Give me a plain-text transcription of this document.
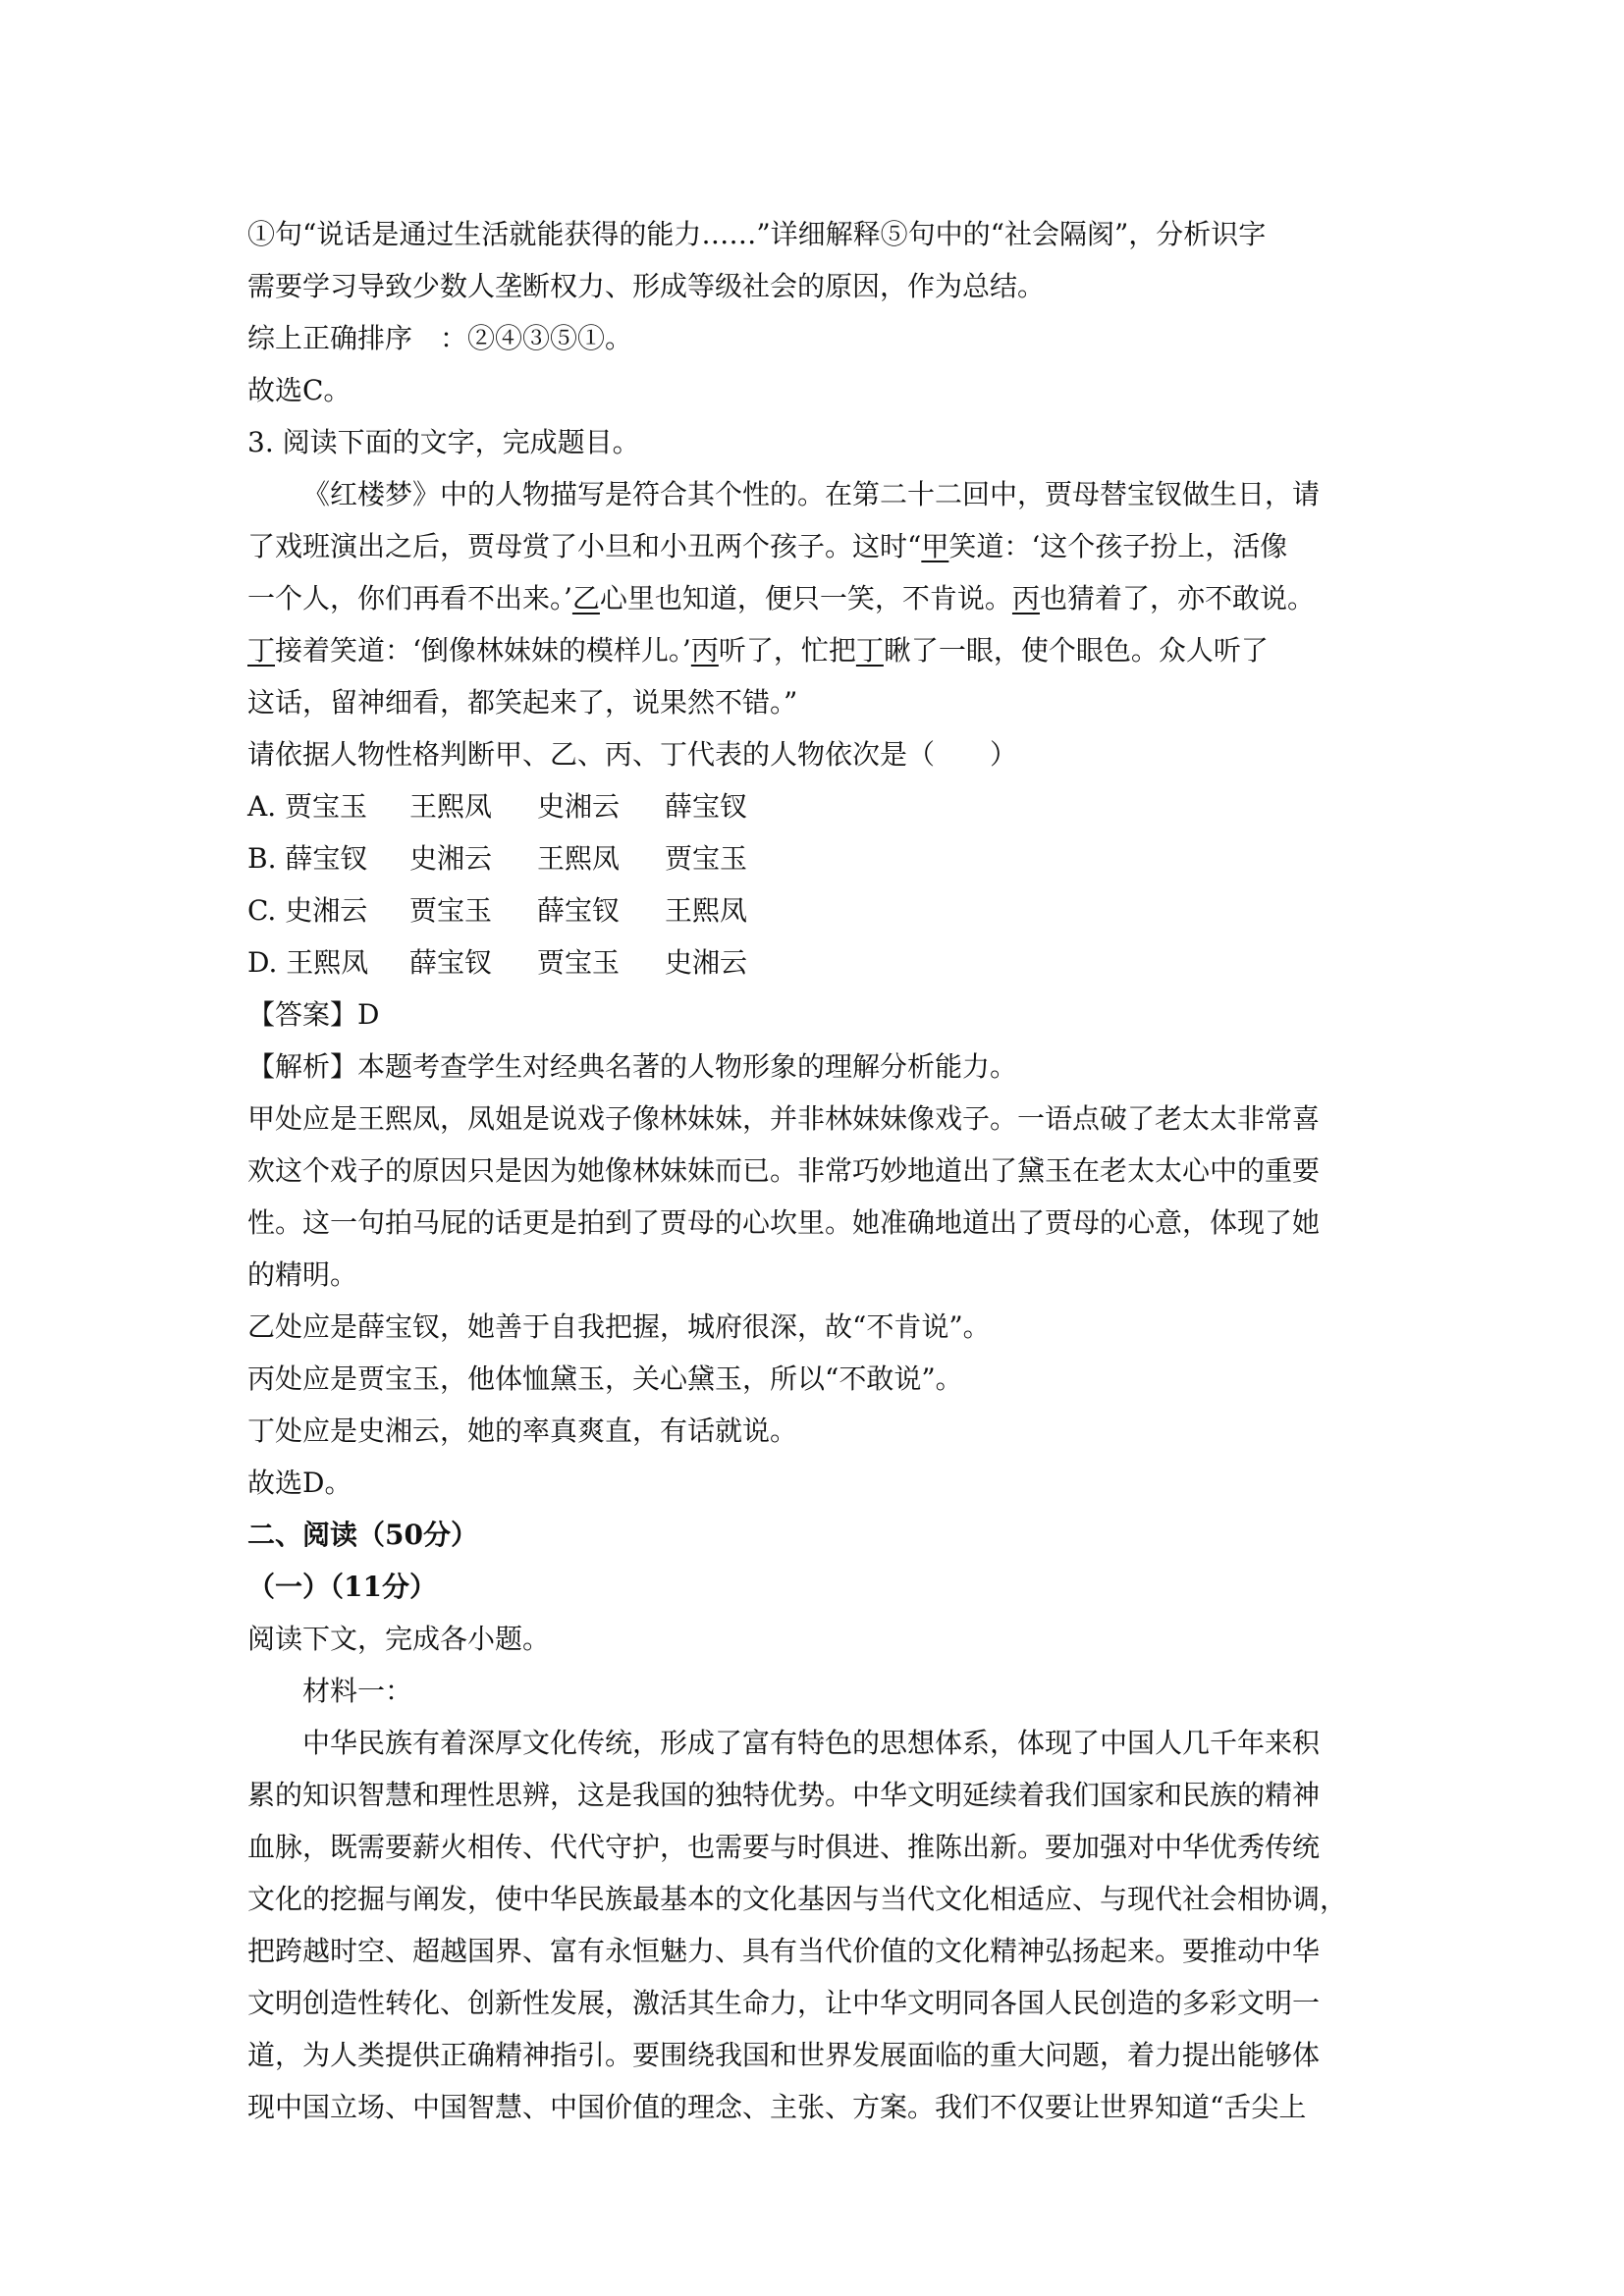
①句“说话是通过生活就能获得的能力……”详细解释⑤句中的“社会隔阂”，分析识字
需要学习导致少数人垄断权力、形成等级社会的原因，作为总结。
综上正确排序　：②④③⑤①。
故选C。
3. 阅读下面的文字，完成题目。
《红楼梦》中的人物描写是符合其个性的。在第二十二回中，贾母替宝钗做生日，请
了戏班演出之后，贾母赏了小旦和小丑两个孩子。这时“甲笑道：‘这个孩子扮上，活像
一个人，你们再看不出来。’乙心里也知道，便只一笑，不肯说。丙也猜着了，亦不敢说。
丁接着笑道：‘倒像林妹妹的模样儿。’丙听了，忙把丁瞅了一眼，使个眼色。众人听了
这话，留神细看，都笑起来了，说果然不错。”
请依据人物性格判断甲、乙、丙、丁代表的人物依次是（　　）
A. 贾宝玉 王熙凤 史湘云 薛宝钗
B. 薛宝钗 史湘云 王熙凤 贾宝玉
C. 史湘云 贾宝玉 薛宝钗 王熙凤
D. 王熙凤 薛宝钗 贾宝玉 史湘云
【答案】D
【解析】本题考查学生对经典名著的人物形象的理解分析能力。
甲处应是王熙凤，凤姐是说戏子像林妹妹，并非林妹妹像戏子。一语点破了老太太非常喜
欢这个戏子的原因只是因为她像林妹妹而已。非常巧妙地道出了黛玉在老太太心中的重要
性。这一句拍马屁的话更是拍到了贾母的心坎里。她准确地道出了贾母的心意，体现了她
的精明。
乙处应是薛宝钗，她善于自我把握，城府很深，故“不肯说”。
丙处应是贾宝玉，他体恤黛玉，关心黛玉，所以“不敢说”。
丁处应是史湘云，她的率真爽直，有话就说。
故选D。
二、阅读（50分）
（一）（11分）
阅读下文，完成各小题。
材料一：
中华民族有着深厚文化传统，形成了富有特色的思想体系，体现了中国人几千年来积
累的知识智慧和理性思辨，这是我国的独特优势。中华文明延续着我们国家和民族的精神
血脉，既需要薪火相传、代代守护，也需要与时俱进、推陈出新。要加强对中华优秀传统
文化的挖掘与阐发，使中华民族最基本的文化基因与当代文化相适应、与现代社会相协调，
把跨越时空、超越国界、富有永恒魅力、具有当代价值的文化精神弘扬起来。要推动中华
文明创造性转化、创新性发展，激活其生命力，让中华文明同各国人民创造的多彩文明一
道，为人类提供正确精神指引。要围绕我国和世界发展面临的重大问题，着力提出能够体
现中国立场、中国智慧、中国价值的理念、主张、方案。我们不仅要让世界知道“舌尖上
